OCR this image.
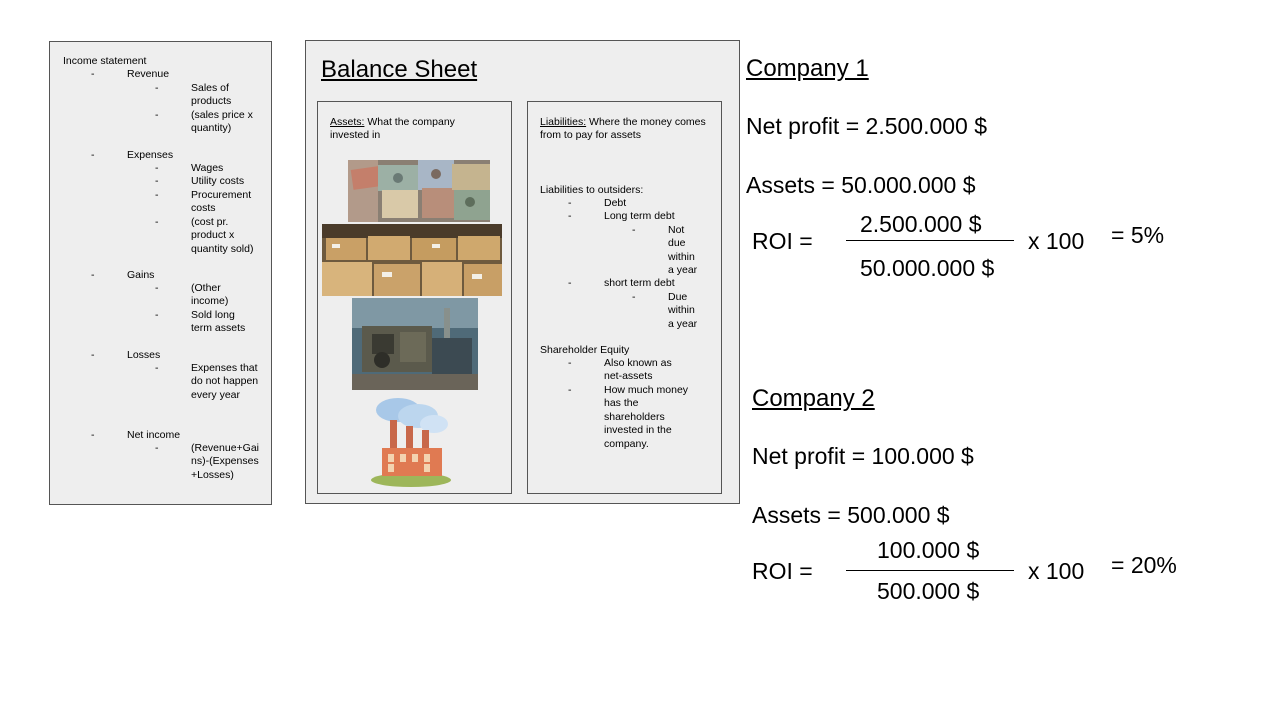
Income statement
-	Revenue
-	Sales of products
-	(sales price x quantity)
-	Expenses
-	Wages
-	Utility costs
-	Procurement costs
-	(cost pr. product x quantity sold)
-	Gains
-	(Other income)
-	Sold long term assets
-	Losses
-	Expenses that do not happen every year
-	Net income
-	(Revenue+Gains)-(Expenses+Losses)
Balance Sheet
Assets: What the company invested in
Liabilities: Where the money comes from to pay for assets
Liabilities to outsiders:
-	Debt
-	Long term debt
-	Not due within a year
-	short term debt
-	Due within a year
Shareholder Equity
-	Also known as net-assets
-	How much money has the shareholders invested in the company.
Company 1
Net profit = 2.500.000 $
Assets = 50.000.000 $
ROI =
2.500.000 $
50.000.000 $
x 100 = 5%
Company 2
Net profit = 100.000 $
Assets = 500.000 $
ROI =
100.000 $
500.000 $
x 100 = 20%
